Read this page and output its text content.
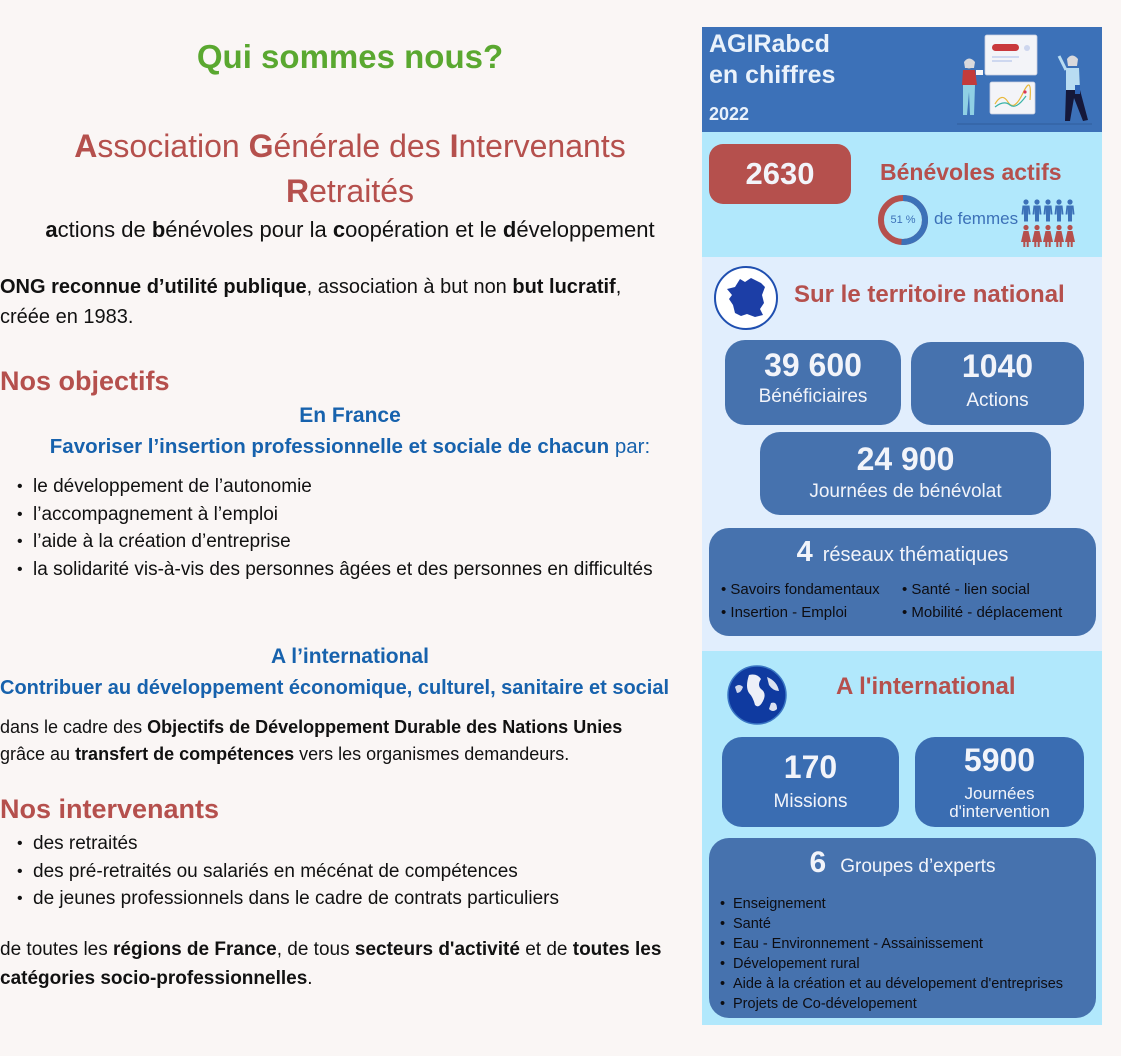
Qui sommes nous?
Association Générale des Intervenants
Retraités
actions de bénévoles pour la coopération et le développement
ONG reconnue d’utilité publique, association à but non but lucratif,
créée en 1983.
Nos objectifs
En France
Favoriser l’insertion professionnelle et sociale de chacun par:
• le développement de l’autonomie
• l’accompagnement à l’emploi
• l’aide à la création d’entreprise
• la solidarité vis-à-vis des personnes âgées et des personnes en difficultés
A l’international
Contribuer au développement économique, culturel, sanitaire et social
dans le cadre des Objectifs de Développement Durable des Nations Unies
grâce au transfert de compétences vers les organismes demandeurs.
Nos intervenants
• des retraités
• des pré-retraités ou salariés en mécénat de compétences
• de jeunes professionnels dans le cadre de contrats particuliers
de toutes les régions de France, de tous secteurs d'activité et de toutes les
catégories socio-professionnelles.
AGIRabcd
en chiffres
2022
2630	Bénévoles actifs
51 %	de femmes
Sur le territoire national
39 600
Bénéficiaires
1040
Actions
24 900
Journées de bénévolat
4 réseaux thématiques
• Savoirs fondamentaux • Santé - lien social
• Insertion - Emploi	• Mobilité - déplacement
A l'international
170
Missions
5900
Journées
d'intervention
6 Groupes d’experts
• Enseignement
• Santé
• Eau - Environnement - Assainissement
• Dévelopement rural
• Aide à la création et au dévelopement d'entreprises
• Projets de Co-dévelopement
